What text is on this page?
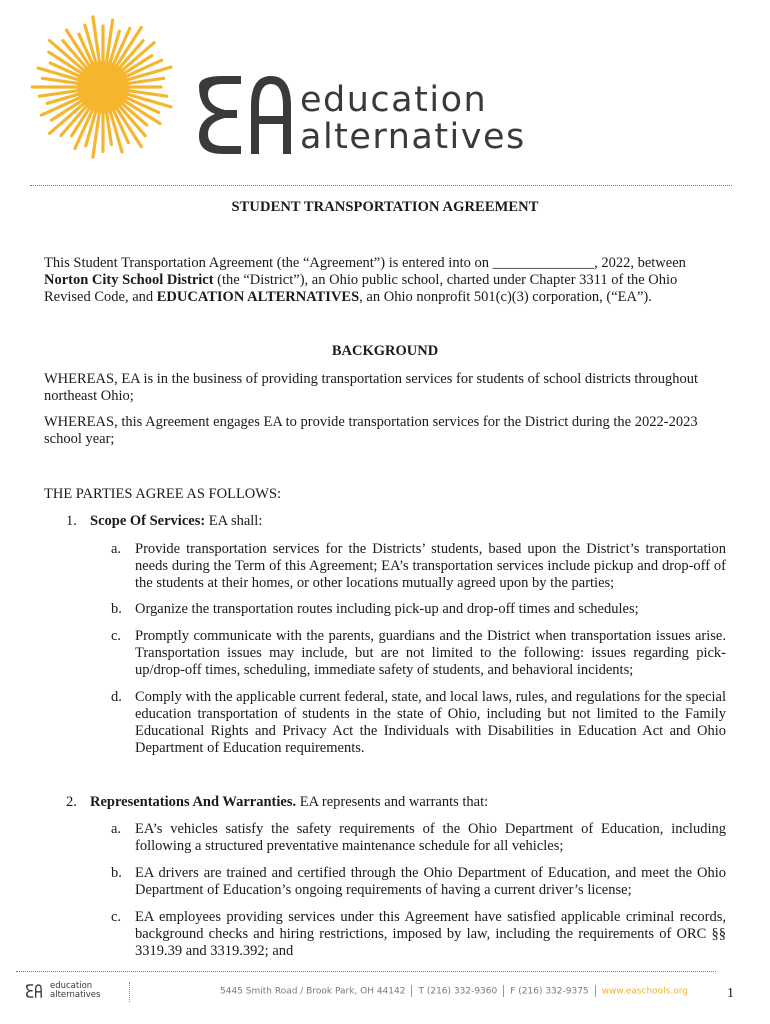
education
alternatives
STUDENT TRANSPORTATION AGREEMENT
This Student Transportation Agreement (the “Agreement”) is entered into on ______________, 2022, between Norton City School District (the “District”), an Ohio public school, charted under Chapter 3311 of the Ohio Revised Code, and EDUCATION ALTERNATIVES, an Ohio nonprofit 501(c)(3) corporation, (“EA”).
BACKGROUND
WHEREAS, EA is in the business of providing transportation services for students of school districts throughout northeast Ohio;
WHEREAS, this Agreement engages EA to provide transportation services for the District during the 2022-2023 school year;
THE PARTIES AGREE AS FOLLOWS:
1. Scope Of Services: EA shall:
a. Provide transportation services for the Districts’ students, based upon the District’s transportation needs during the Term of this Agreement; EA’s transportation services include pickup and drop-off of the students at their homes, or other locations mutually agreed upon by the parties;
b. Organize the transportation routes including pick-up and drop-off times and schedules;
c. Promptly communicate with the parents, guardians and the District when transportation issues arise. Transportation issues may include, but are not limited to the following: issues regarding pick-up/drop-off times, scheduling, immediate safety of students, and behavioral incidents;
d. Comply with the applicable current federal, state, and local laws, rules, and regulations for the special education transportation of students in the state of Ohio, including but not limited to the Family Educational Rights and Privacy Act the Individuals with Disabilities in Education Act and Ohio Department of Education requirements.
2. Representations And Warranties. EA represents and warrants that:
a. EA’s vehicles satisfy the safety requirements of the Ohio Department of Education, including following a structured preventative maintenance schedule for all vehicles;
b. EA drivers are trained and certified through the Ohio Department of Education, and meet the Ohio Department of Education’s ongoing requirements of having a current driver’s license;
c. EA employees providing services under this Agreement have satisfied applicable criminal records, background checks and hiring restrictions, imposed by law, including the requirements of ORC §§ 3319.39 and 3319.392; and
education
alternatives	5445 Smith Road / Brook Park, OH 44142 T (216) 332-9360 F (216) 332-9375 www.easchools.org	1
